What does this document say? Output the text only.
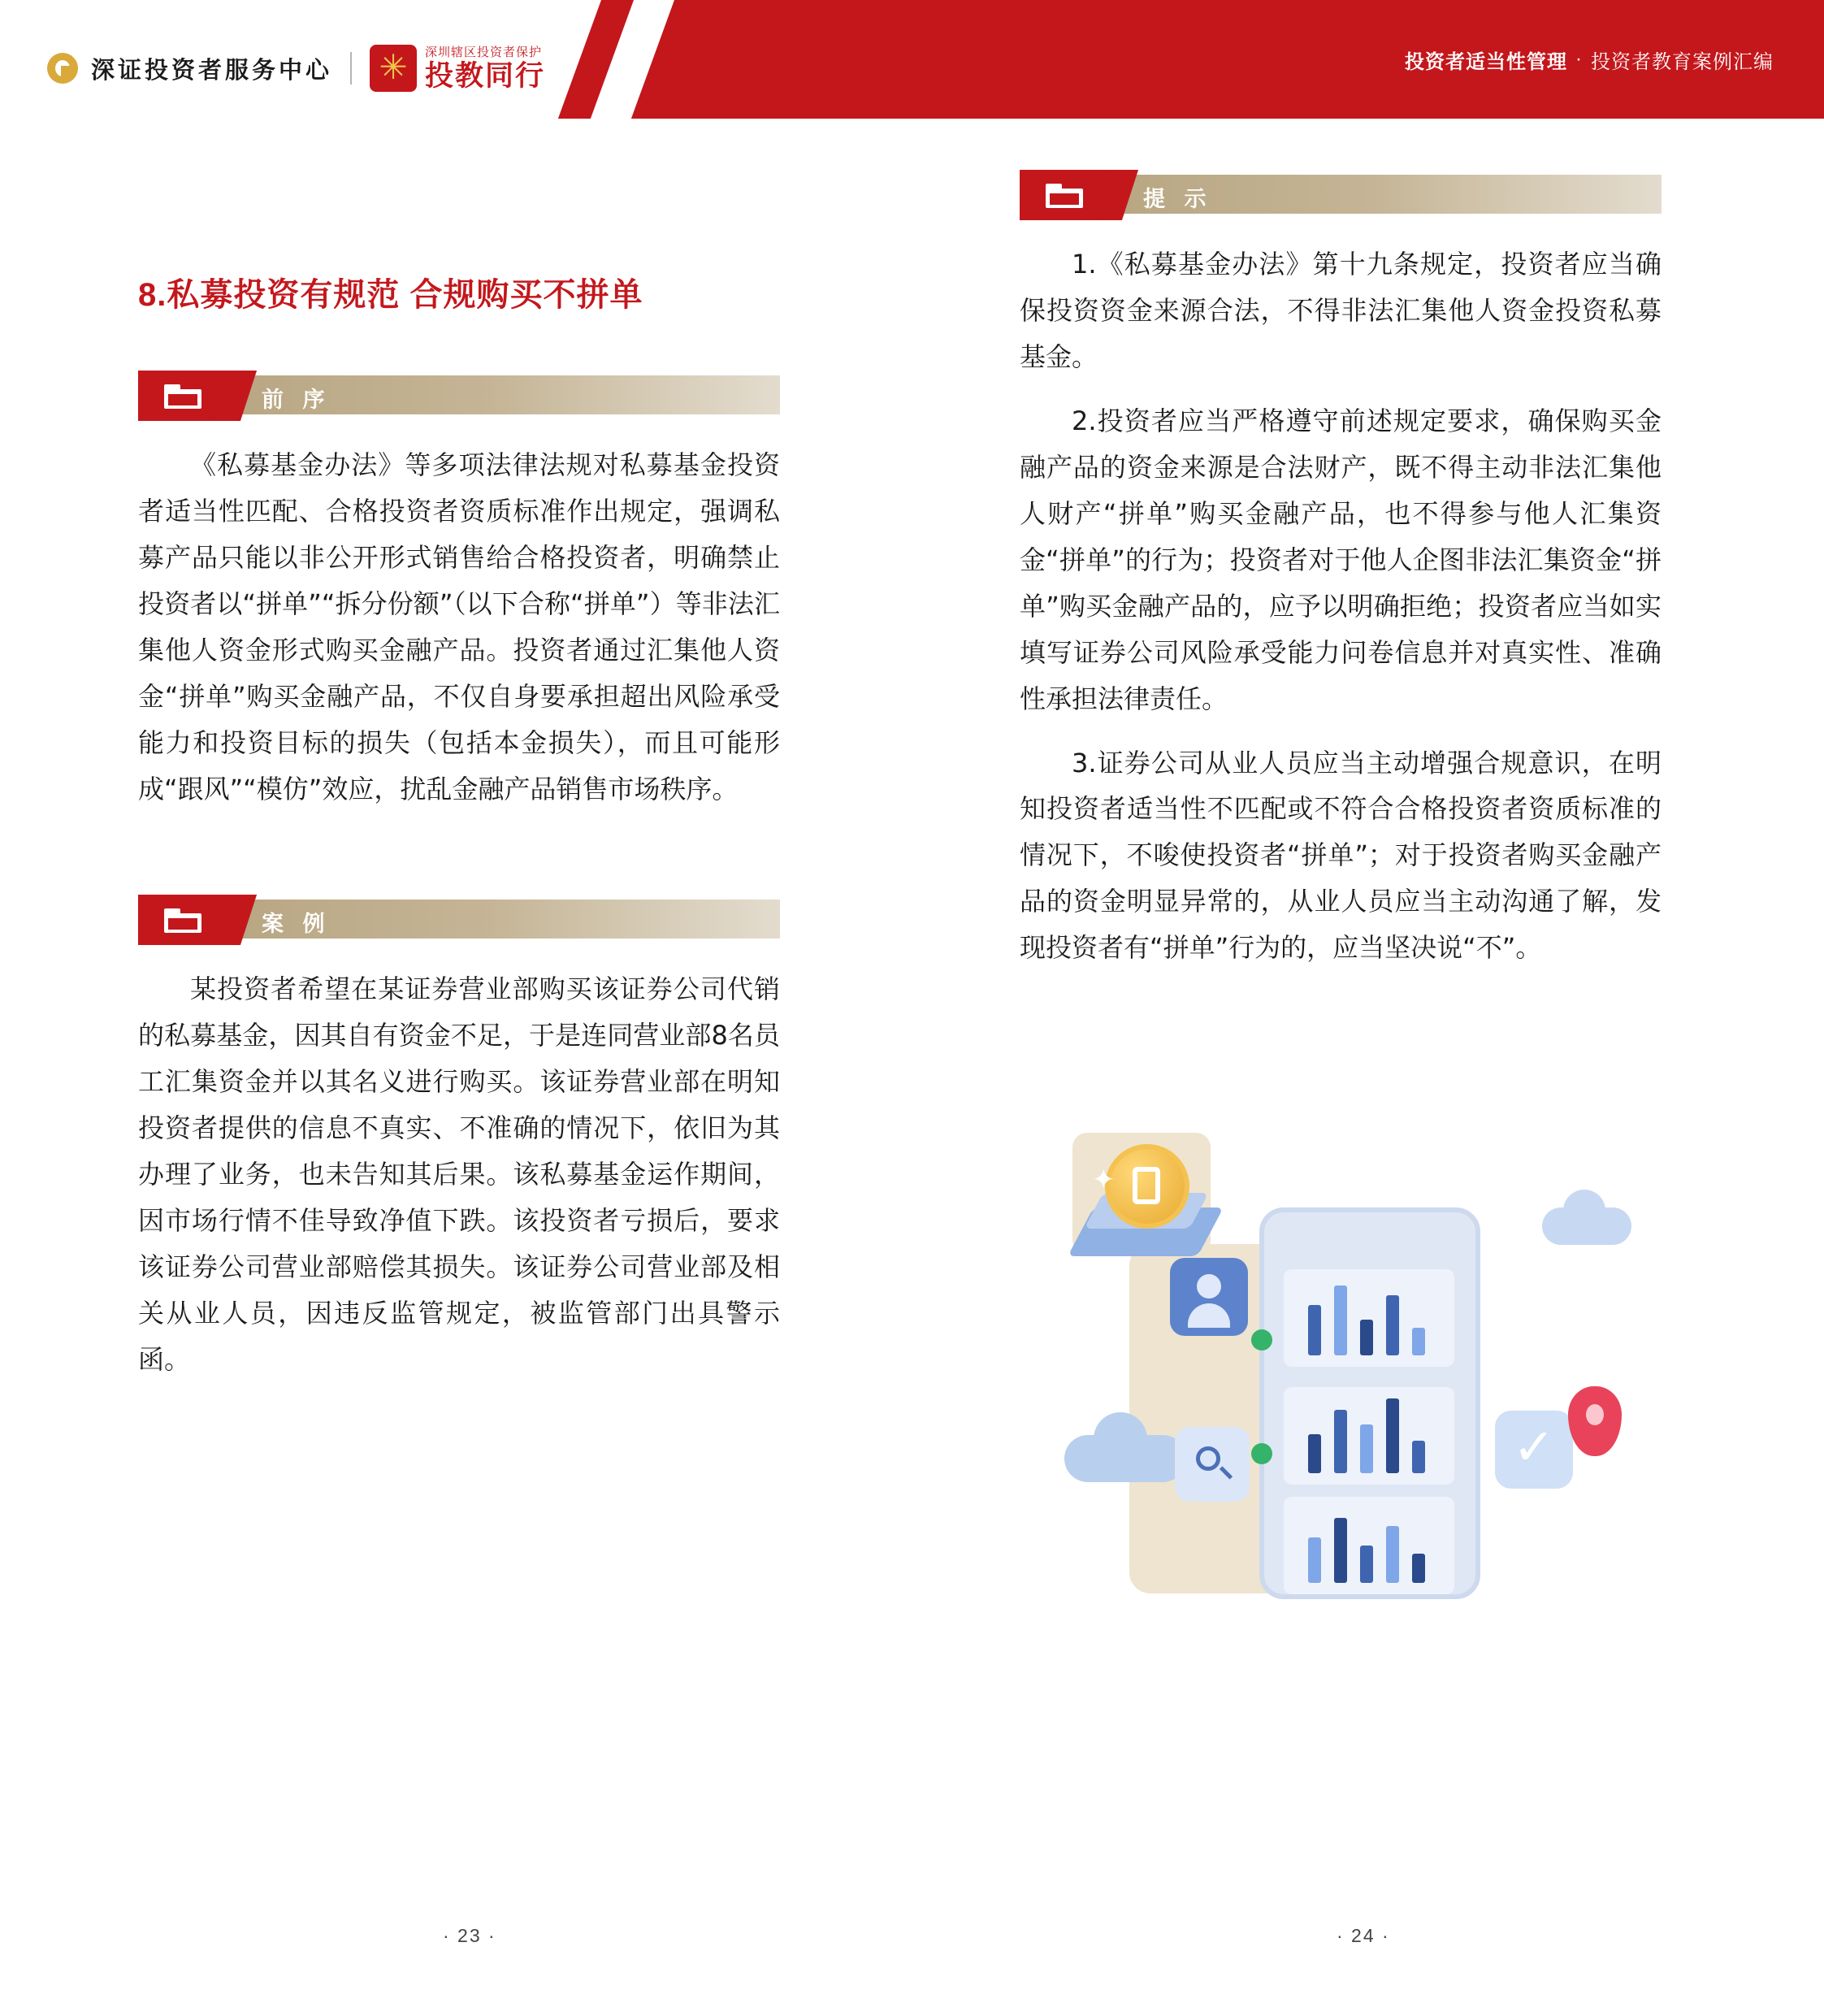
深证投资者服务中心
✳
深圳辖区投资者保护
投教同行	投资者适当性管理 · 投资者教育案例汇编
8.私募投资有规范 合规购买不拼单
前 序

《私募基金办法》等多项法律法规对私募基金投资者适当性匹配、合格投资者资质标准作出规定，强调私募产品只能以非公开形式销售给合格投资者，明确禁止投资者以“拼单”“拆分份额”（以下合称“拼单”）等非法汇集他人资金形式购买金融产品。投资者通过汇集他人资金“拼单”购买金融产品，不仅自身要承担超出风险承受能力和投资目标的损失（包括本金损失），而且可能形成“跟风”“模仿”效应，扰乱金融产品销售市场秩序。

案 例

某投资者希望在某证券营业部购买该证券公司代销的私募基金，因其自有资金不足，于是连同营业部8名员工汇集资金并以其名义进行购买。该证券营业部在明知投资者提供的信息不真实、不准确的情况下，依旧为其办理了业务，也未告知其后果。该私募基金运作期间，因市场行情不佳导致净值下跌。该投资者亏损后，要求该证券公司营业部赔偿其损失。该证券公司营业部及相关从业人员，因违反监管规定，被监管部门出具警示函。

提 示

1.《私募基金办法》第十九条规定，投资者应当确保投资资金来源合法，不得非法汇集他人资金投资私募基金。

2.投资者应当严格遵守前述规定要求，确保购买金融产品的资金来源是合法财产，既不得主动非法汇集他人财产“拼单”购买金融产品，也不得参与他人汇集资金“拼单”的行为；投资者对于他人企图非法汇集资金“拼单”购买金融产品的，应予以明确拒绝；投资者应当如实填写证券公司风险承受能力问卷信息并对真实性、准确性承担法律责任。

3.证券公司从业人员应当主动增强合规意识，在明知投资者适当性不匹配或不符合合格投资者资质标准的情况下，不唆使投资者“拼单”；对于投资者购买金融产品的资金明显异常的，从业人员应当主动沟通了解，发现投资者有“拼单”行为的，应当坚决说“不”。

✦
✓
· 23 ·	· 24 ·
